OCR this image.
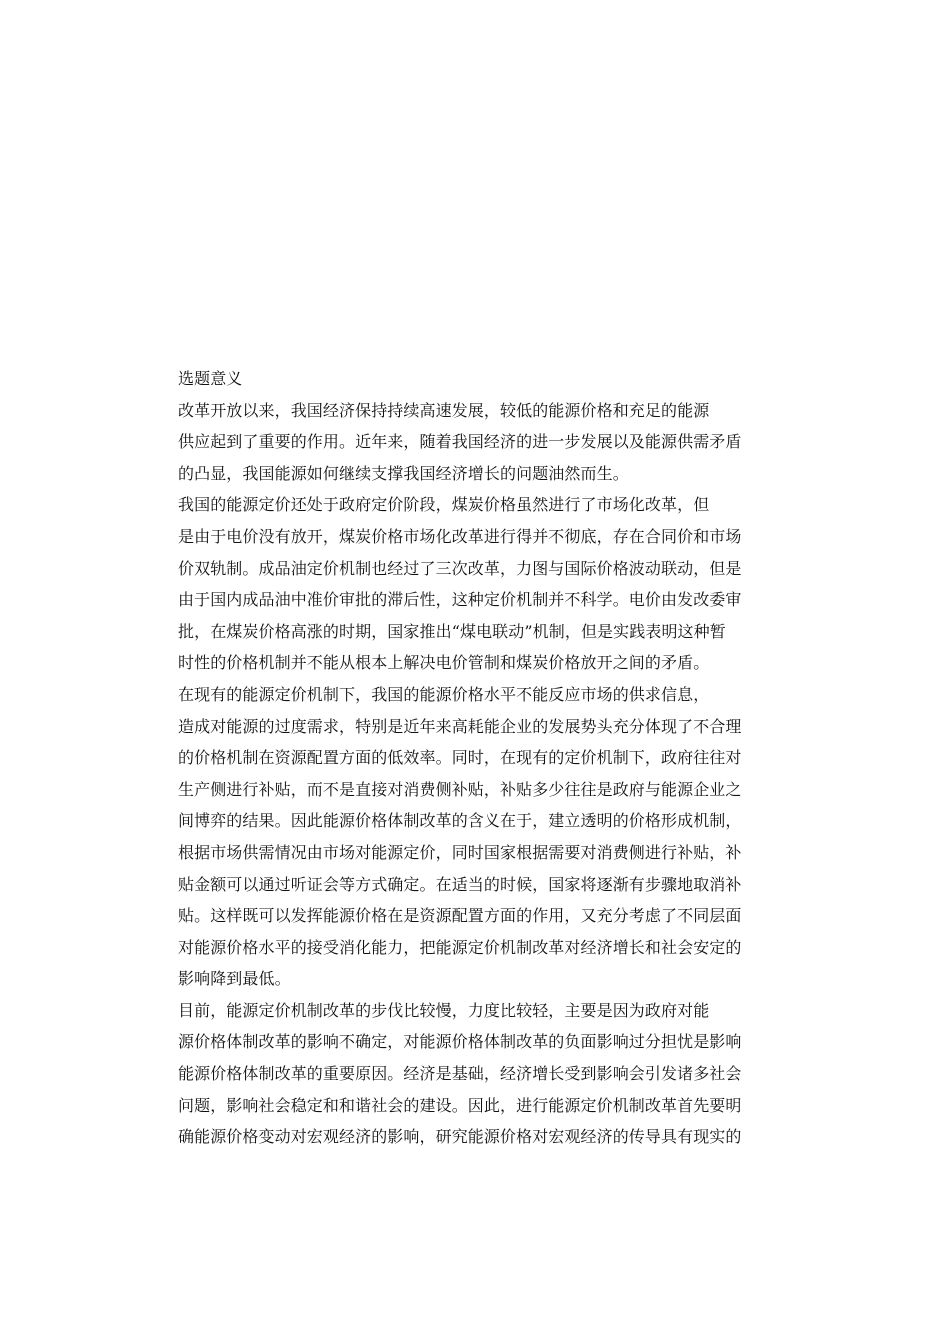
选题意义
改革开放以来，我国经济保持持续高速发展，较低的能源价格和充足的能源
供应起到了重要的作用。近年来，随着我国经济的进一步发展以及能源供需矛盾
的凸显，我国能源如何继续支撑我国经济增长的问题油然而生。
我国的能源定价还处于政府定价阶段，煤炭价格虽然进行了市场化改革，但
是由于电价没有放开，煤炭价格市场化改革进行得并不彻底，存在合同价和市场
价双轨制。成品油定价机制也经过了三次改革，力图与国际价格波动联动，但是
由于国内成品油中准价审批的滞后性，这种定价机制并不科学。电价由发改委审
批，在煤炭价格高涨的时期，国家推出“煤电联动”机制，但是实践表明这种暂
时性的价格机制并不能从根本上解决电价管制和煤炭价格放开之间的矛盾。
在现有的能源定价机制下，我国的能源价格水平不能反应市场的供求信息，
造成对能源的过度需求，特别是近年来高耗能企业的发展势头充分体现了不合理
的价格机制在资源配置方面的低效率。同时，在现有的定价机制下，政府往往对
生产侧进行补贴，而不是直接对消费侧补贴，补贴多少往往是政府与能源企业之
间博弈的结果。因此能源价格体制改革的含义在于，建立透明的价格形成机制，
根据市场供需情况由市场对能源定价，同时国家根据需要对消费侧进行补贴，补
贴金额可以通过听证会等方式确定。在适当的时候，国家将逐渐有步骤地取消补
贴。这样既可以发挥能源价格在是资源配置方面的作用，又充分考虑了不同层面
对能源价格水平的接受消化能力，把能源定价机制改革对经济增长和社会安定的
影响降到最低。
目前，能源定价机制改革的步伐比较慢，力度比较轻，主要是因为政府对能
源价格体制改革的影响不确定，对能源价格体制改革的负面影响过分担忧是影响
能源价格体制改革的重要原因。经济是基础，经济增长受到影响会引发诸多社会
问题，影响社会稳定和和谐社会的建设。因此，进行能源定价机制改革首先要明
确能源价格变动对宏观经济的影响，研究能源价格对宏观经济的传导具有现实的
